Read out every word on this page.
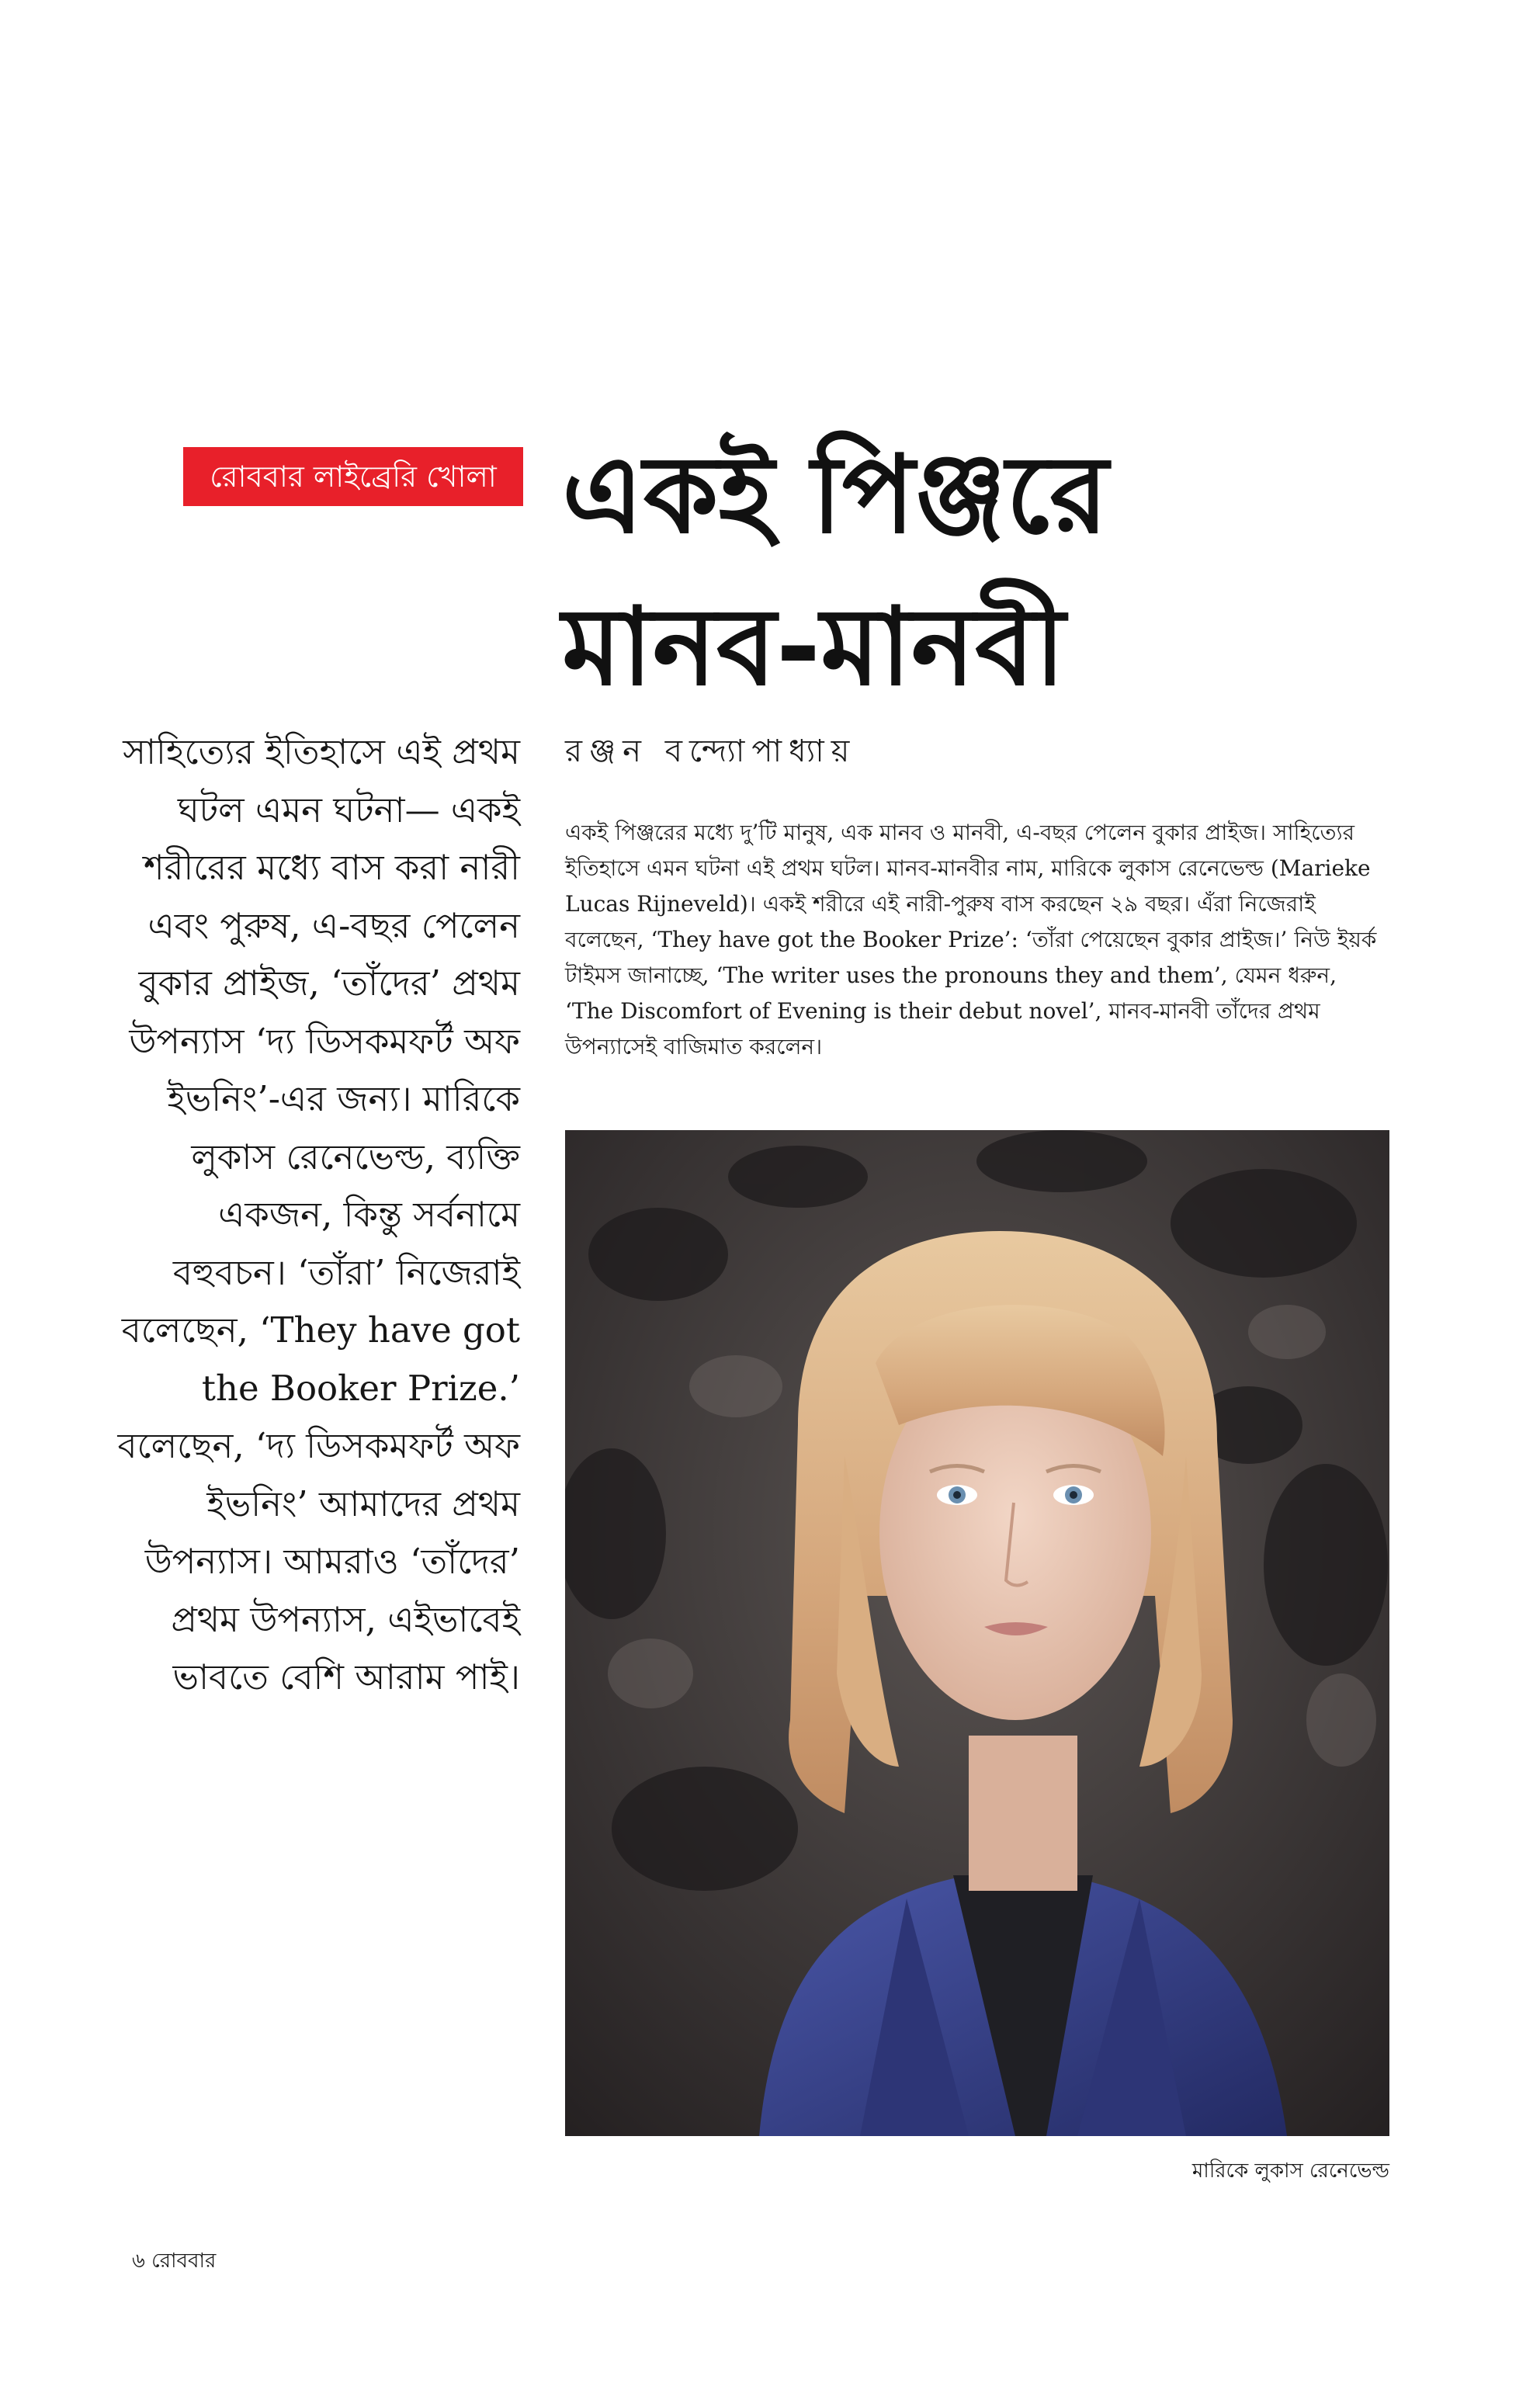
রোববার লাইব্রেরি খোলা একই পিঞ্জরে
মানব-মানবী

সাহিত্যের ইতিহাসে এই প্রথম ঘটল এমন ঘটনা— একই শরীরের মধ্যে বাস করা নারী এবং পুরুষ, এ-বছর পেলেন বুকার প্রাইজ, ‘তাঁদের’ প্রথম উপন্যাস ‘দ্য ডিসকমফর্ট অফ ইভনিং’-এর জন্য। মারিকে লুকাস রেনেভেল্ড, ব্যক্তি একজন, কিন্তু সর্বনামে বহুবচন। ‘তাঁরা’ নিজেরাই বলেছেন, ‘They have got the Booker Prize.’ বলেছেন, ‘দ্য ডিসকমফর্ট অফ ইভনিং’ আমাদের প্রথম উপন্যাস। আমরাও ‘তাঁদের’ প্রথম উপন্যাস, এইভাবেই ভাবতে বেশি আরাম পাই।

রঞ্জন বন্দ্যোপাধ্যায়

একই পিঞ্জরের মধ্যে দু’টি মানুষ, এক মানব ও মানবী, এ-বছর পেলেন বুকার প্রাইজ। সাহিত্যের ইতিহাসে এমন ঘটনা এই প্রথম ঘটল। মানব-মানবীর নাম, মারিকে লুকাস রেনেভেল্ড (Marieke Lucas Rijneveld)। একই শরীরে এই নারী-পুরুষ বাস করছেন ২৯ বছর। এঁরা নিজেরাই বলেছেন, ‘They have got the Booker Prize’: ‘তাঁরা পেয়েছেন বুকার প্রাইজ।’ নিউ ইয়র্ক টাইমস জানাচ্ছে, ‘The writer uses the pronouns they and them’, যেমন ধরুন, ‘The Discomfort of Evening is their debut novel’, মানব-মানবী তাঁদের প্রথম উপন্যাসেই বাজিমাত করলেন।

মারিকে লুকাস রেনেভেল্ড

৬ রোববার
